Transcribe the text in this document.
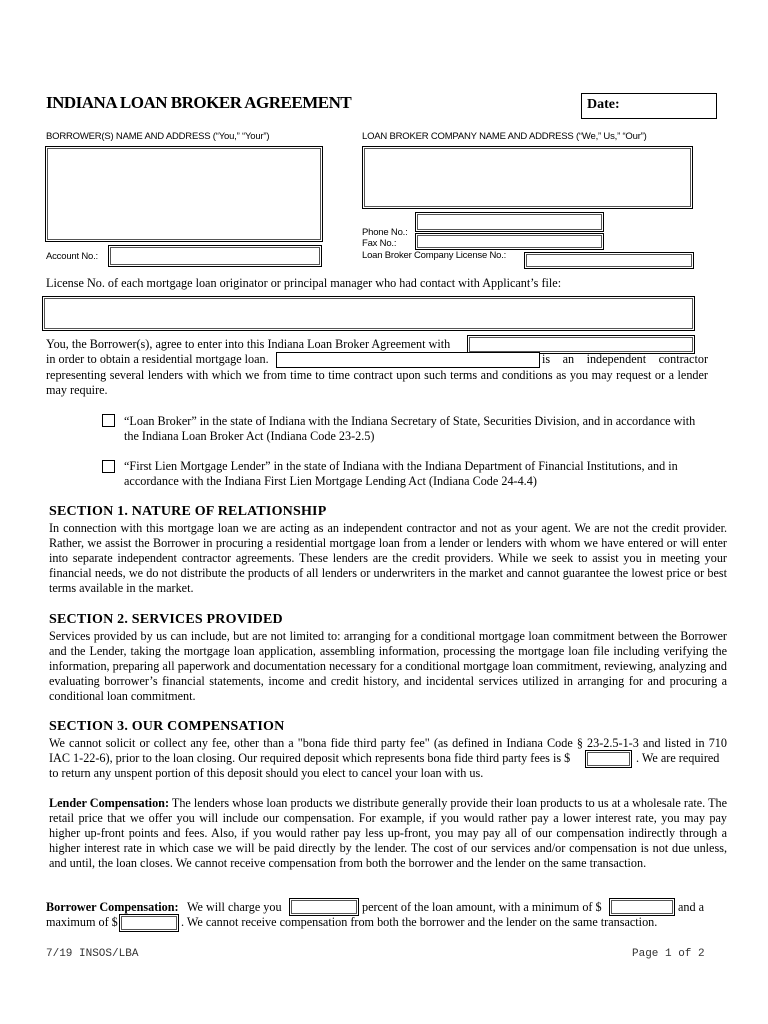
INDIANA LOAN BROKER AGREEMENT	Date:
BORROWER(S) NAME AND ADDRESS (“You,” “Your”)
Account No.:
LOAN BROKER COMPANY NAME AND ADDRESS (“We,” Us,” “Our”)
Phone No.:
Fax No.:
Loan Broker Company License No.:
License No. of each mortgage loan originator or principal manager who had contact with Applicant’s file:
You, the Borrower(s), agree to enter into this Indiana Loan Broker Agreement with
in order to obtain a residential mortgage loan.	is an independent contractor
representing several lenders with which we from time to time contract upon such terms and conditions as you may request or a lender may require.
“Loan Broker” in the state of Indiana with the Indiana Secretary of State, Securities Division, and in accordance with the Indiana Loan Broker Act (Indiana Code 23-2.5)
“First Lien Mortgage Lender” in the state of Indiana with the Indiana Department of Financial Institutions, and in accordance with the Indiana First Lien Mortgage Lending Act (Indiana Code 24-4.4)
SECTION 1. NATURE OF RELATIONSHIP
In connection with this mortgage loan we are acting as an independent contractor and not as your agent. We are not the credit provider. Rather, we assist the Borrower in procuring a residential mortgage loan from a lender or lenders with whom we have entered or will enter into separate independent contractor agreements. These lenders are the credit providers. While we seek to assist you in meeting your financial needs, we do not distribute the products of all lenders or underwriters in the market and cannot guarantee the lowest price or best terms available in the market.
SECTION 2. SERVICES PROVIDED
Services provided by us can include, but are not limited to: arranging for a conditional mortgage loan commitment between the Borrower and the Lender, taking the mortgage loan application, assembling information, processing the mortgage loan file including verifying the information, preparing all paperwork and documentation necessary for a conditional mortgage loan commitment, reviewing, analyzing and evaluating borrower’s financial statements, income and credit history, and incidental services utilized in arranging for and procuring a conditional loan commitment.
SECTION 3. OUR COMPENSATION
We cannot solicit or collect any fee, other than a "bona fide third party fee" (as defined in Indiana Code § 23-2.5-1-3 and listed in 710
IAC 1-22-6), prior to the loan closing. Our required deposit which represents bona fide third party fees is $	. We are required
to return any unspent portion of this deposit should you elect to cancel your loan with us.
Lender Compensation: The lenders whose loan products we distribute generally provide their loan products to us at a wholesale rate. The retail price that we offer you will include our compensation. For example, if you would rather pay a lower interest rate, you may pay higher up-front points and fees. Also, if you would rather pay less up-front, you may pay all of our compensation indirectly through a higher interest rate in which case we will be paid directly by the lender. The cost of our services and/or compensation is not due unless, and until, the loan closes. We cannot receive compensation from both the borrower and the lender on the same transaction.
Borrower Compensation: We will charge you	percent of the loan amount, with a minimum of $	and a
maximum of $	. We cannot receive compensation from both the borrower and the lender on the same transaction.
7/19 INSOS/LBA	Page 1 of 2
